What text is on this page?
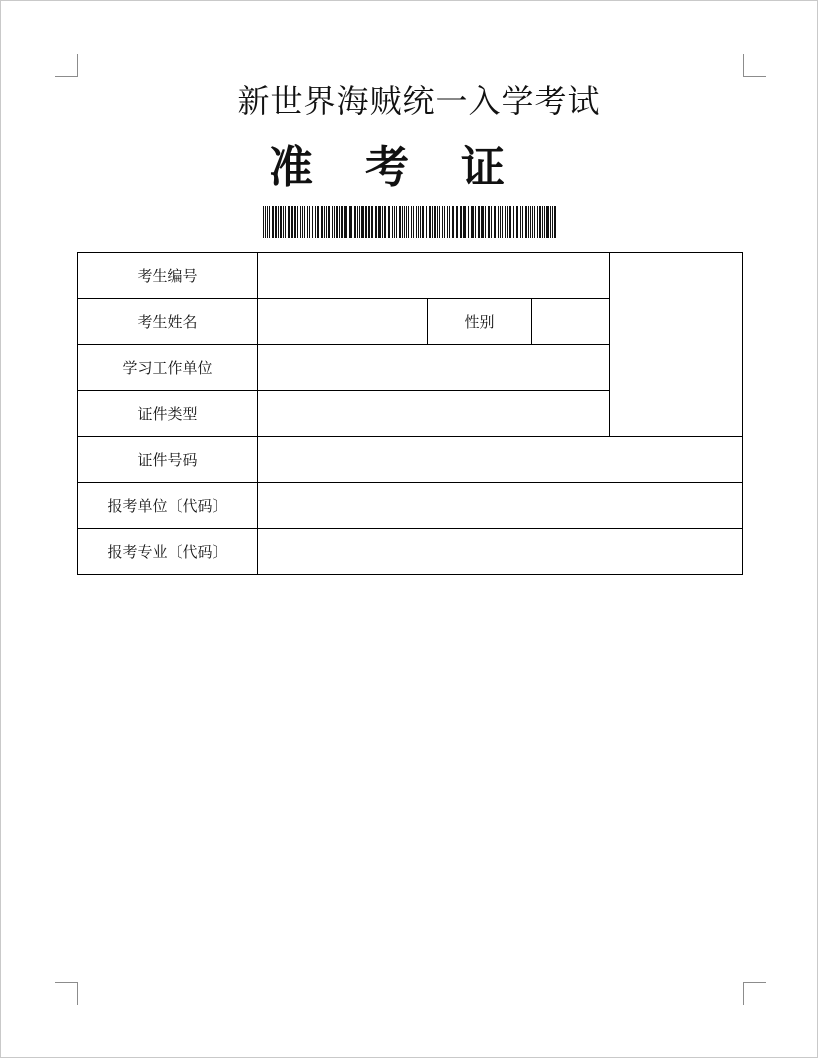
新世界海贼统一入学考试
准考证
考生编号				
考生姓名		性别		
学习工作单位				
证件类型				
证件号码				
报考单位〔代码〕				
报考专业〔代码〕				
